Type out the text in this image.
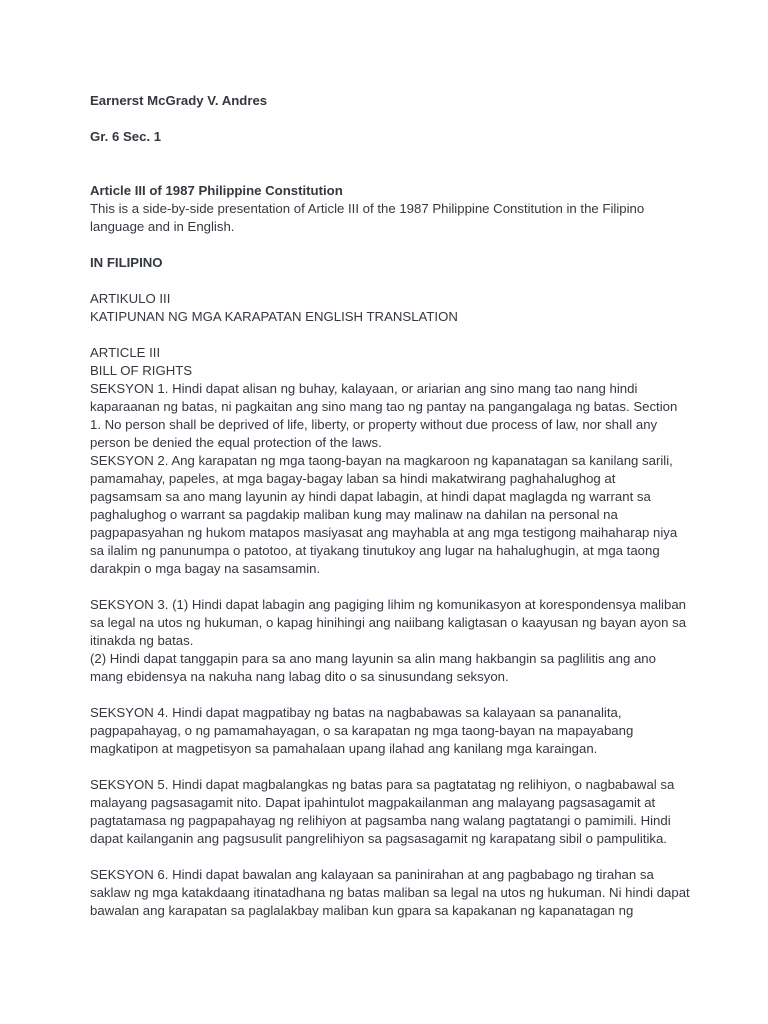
Earnerst McGrady V. Andres

Gr. 6 Sec. 1

Article III of 1987 Philippine Constitution

This is a side-by-side presentation of Article III of the 1987 Philippine Constitution in the Filipino language and in English.

IN FILIPINO

ARTIKULO III

KATIPUNAN NG MGA KARAPATAN ENGLISH TRANSLATION

ARTICLE III

BILL OF RIGHTS

SEKSYON 1. Hindi dapat alisan ng buhay, kalayaan, or ariarian ang sino mang tao nang hindi kaparaanan ng batas, ni pagkaitan ang sino mang tao ng pantay na pangangalaga ng batas. Section 1. No person shall be deprived of life, liberty, or property without due process of law, nor shall any person be denied the equal protection of the laws.

SEKSYON 2. Ang karapatan ng mga taong-bayan na magkaroon ng kapanatagan sa kanilang sarili, pamamahay, papeles, at mga bagay-bagay laban sa hindi makatwirang paghahalughog at pagsamsam sa ano mang layunin ay hindi dapat labagin, at hindi dapat maglagda ng warrant sa paghalughog o warrant sa pagdakip maliban kung may malinaw na dahilan na personal na pagpapasyahan ng hukom matapos masiyasat ang mayhabla at ang mga testigong maihaharap niya sa ilalim ng panunumpa o patotoo, at tiyakang tinutukoy ang lugar na hahalughugin, at mga taong darakpin o mga bagay na sasamsamin.

SEKSYON 3. (1) Hindi dapat labagin ang pagiging lihim ng komunikasyon at korespondensya maliban sa legal na utos ng hukuman, o kapag hinihingi ang naiibang kaligtasan o kaayusan ng bayan ayon sa itinakda ng batas.

(2) Hindi dapat tanggapin para sa ano mang layunin sa alin mang hakbangin sa paglilitis ang ano mang ebidensya na nakuha nang labag dito o sa sinusundang seksyon.

SEKSYON 4. Hindi dapat magpatibay ng batas na nagbabawas sa kalayaan sa pananalita, pagpapahayag, o ng pamamahayagan, o sa karapatan ng mga taong-bayan na mapayabang magkatipon at magpetisyon sa pamahalaan upang ilahad ang kanilang mga karaingan.

SEKSYON 5. Hindi dapat magbalangkas ng batas para sa pagtatatag ng relihiyon, o nagbabawal sa malayang pagsasagamit nito. Dapat ipahintulot magpakailanman ang malayang pagsasagamit at pagtatamasa ng pagpapahayag ng relihiyon at pagsamba nang walang pagtatangi o pamimili. Hindi dapat kailanganin ang pagsusulit pangrelihiyon sa pagsasagamit ng karapatang sibil o pampulitika.

SEKSYON 6. Hindi dapat bawalan ang kalayaan sa paninirahan at ang pagbabago ng tirahan sa saklaw ng mga katakdaang itinatadhana ng batas maliban sa legal na utos ng hukuman. Ni hindi dapat bawalan ang karapatan sa paglalakbay maliban kun gpara sa kapakanan ng kapanatagan ng
